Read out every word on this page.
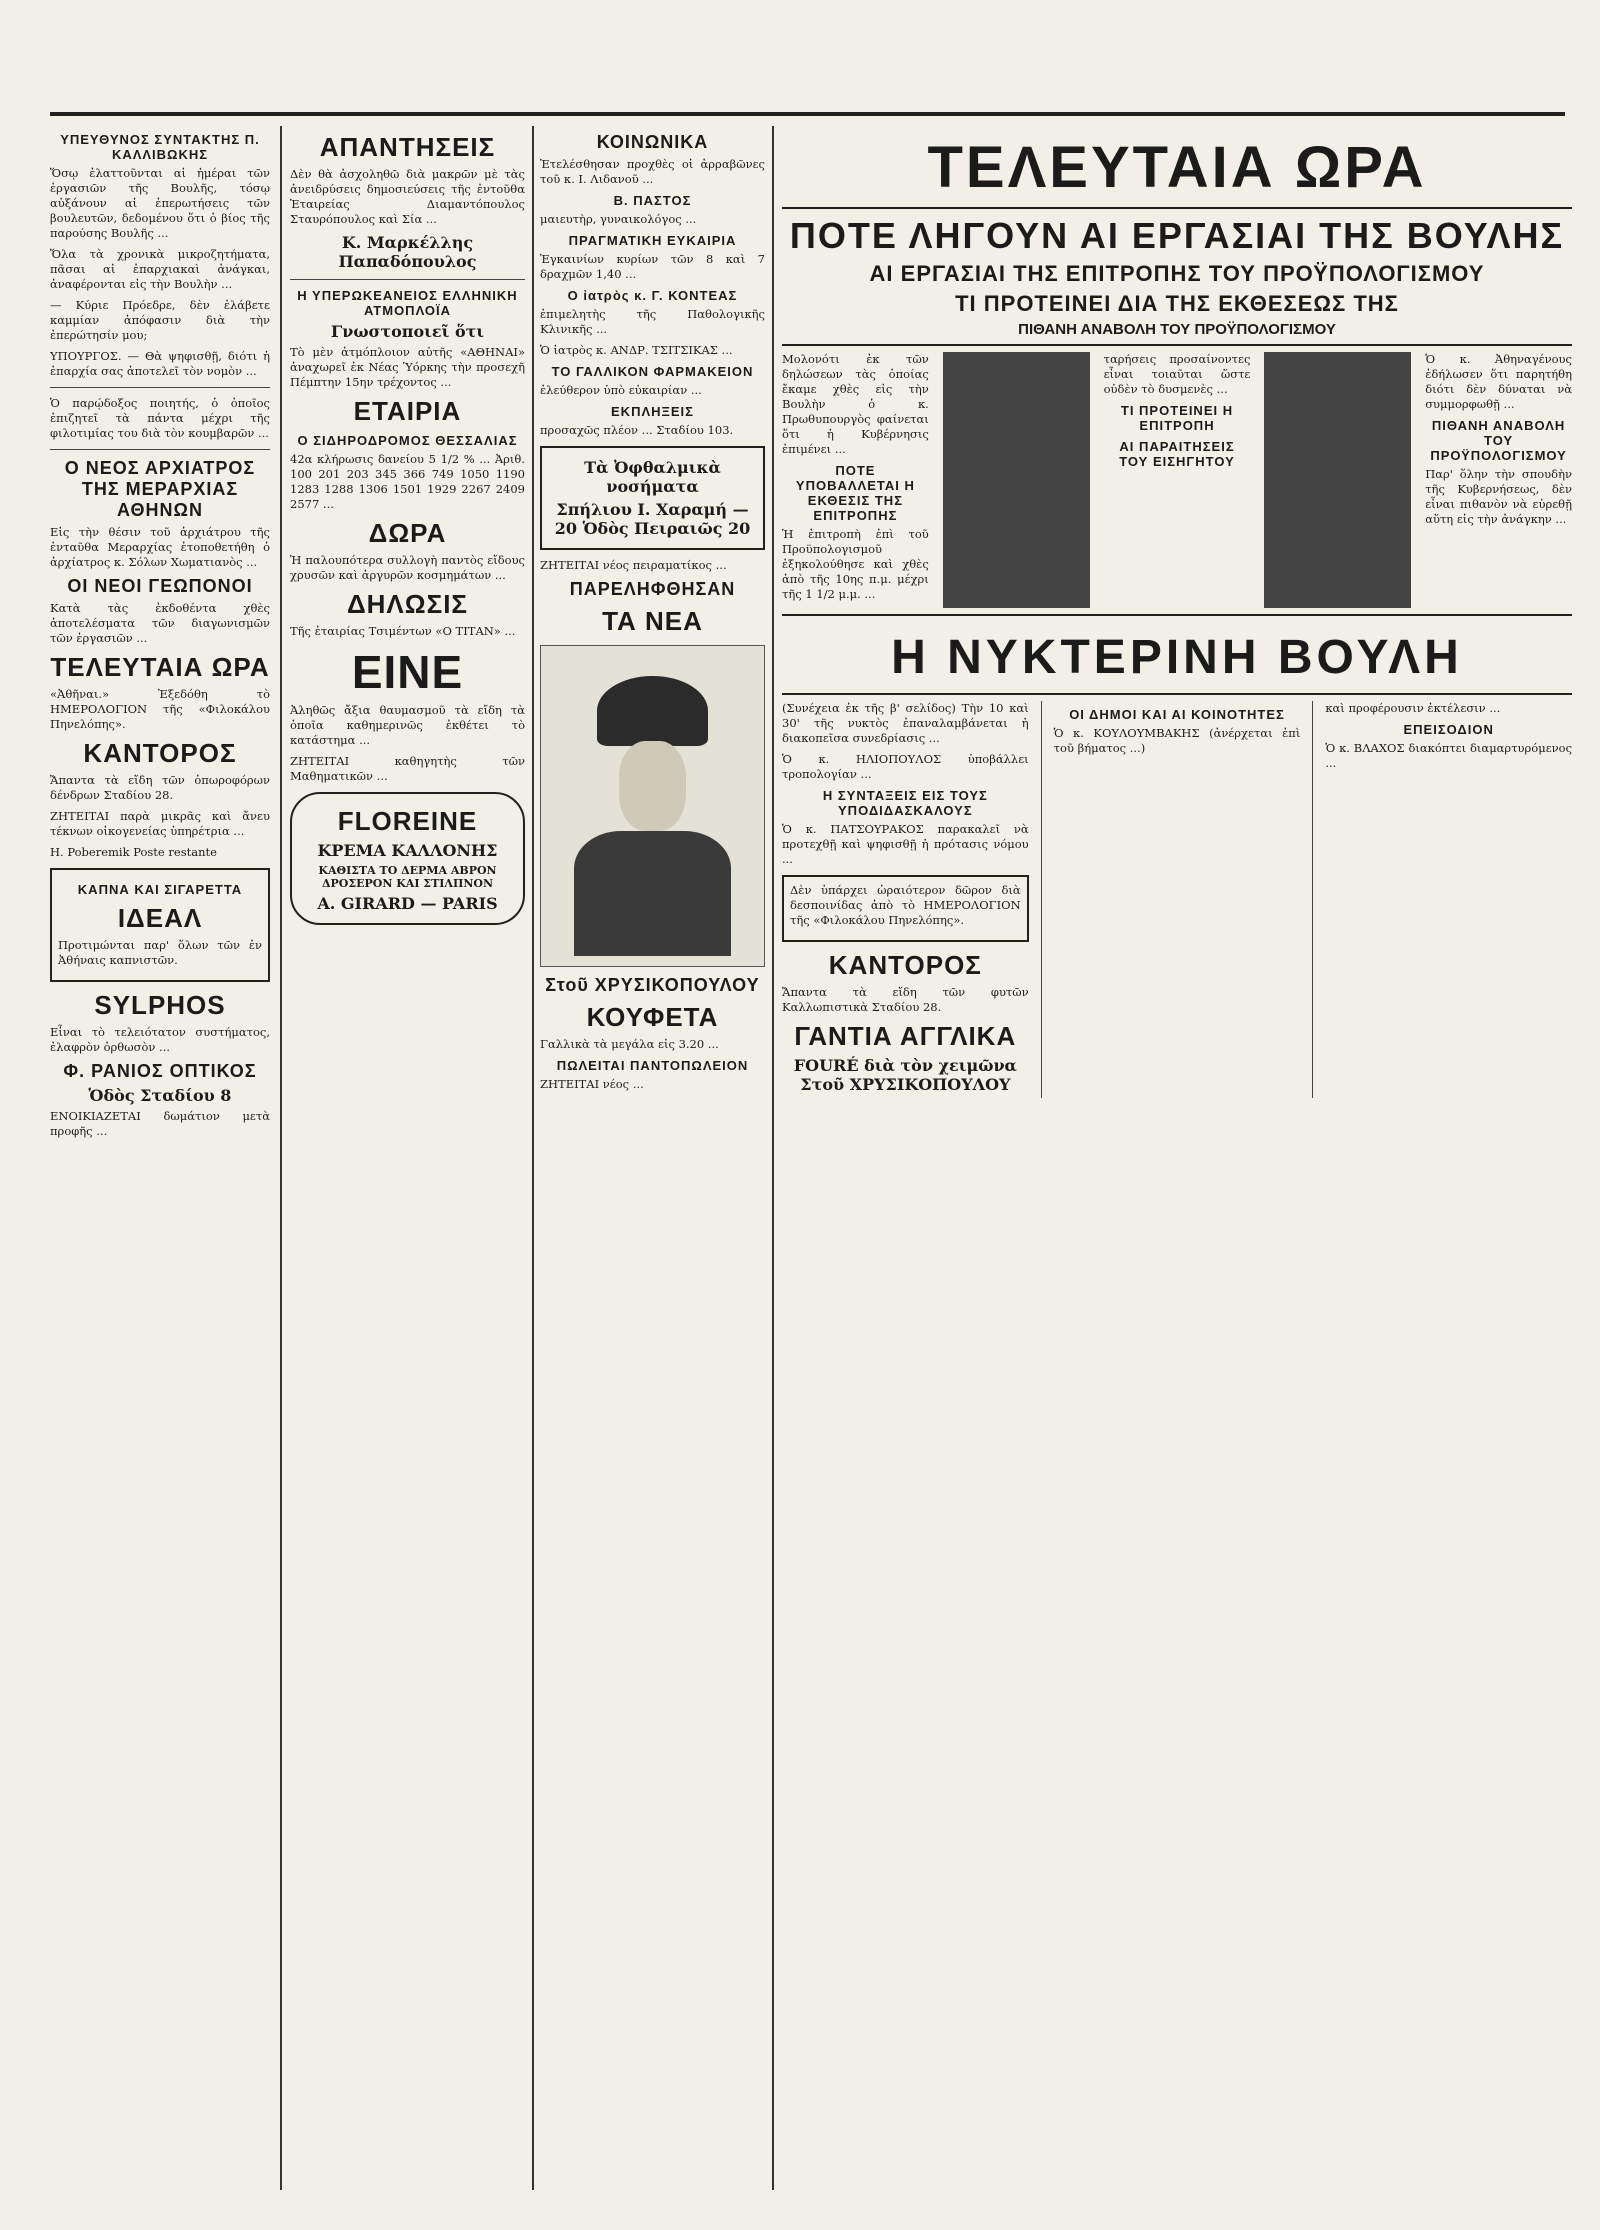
ΥΠΕΥΘΥΝΟΣ ΣΥΝΤΑΚΤΗΣ Π. ΚΑΛΛΙΒΩΚΗΣ

Ὅσῳ ἐλαττοῦνται αἱ ἡμέραι τῶν ἐργασιῶν τῆς Βουλῆς, τόσῳ αὐξάνουν αἱ ἐπερωτήσεις τῶν βουλευτῶν, δεδομένου ὅτι ὁ βίος τῆς παρούσης Βουλῆς ...

Ὅλα τὰ χρονικὰ μικροζητήματα, πᾶσαι αἱ ἐπαρχιακαὶ ἀνάγκαι, ἀναφέρονται εἰς τὴν Βουλὴν ...

— Κύριε Πρόεδρε, δὲν ἐλάβετε καμμίαν ἀπόφασιν διὰ τὴν ἐπερώτησίν μου;

ΥΠΟΥΡΓΟΣ. — Θὰ ψηφισθῇ, διότι ἡ ἐπαρχία σας ἀποτελεῖ τὸν νομὸν ...

Ὁ παρῴδοξος ποιητής, ὁ ὁποῖος ἐπιζητεῖ τὰ πάντα μέχρι τῆς φιλοτιμίας του διὰ τὸν κουμβαρῶν ...

Ο ΝΕΟΣ ΑΡΧΙΑΤΡΟΣ ΤΗΣ ΜΕΡΑΡΧΙΑΣ ΑΘΗΝΩΝ

Εἰς τὴν θέσιν τοῦ ἀρχιάτρου τῆς ἐνταῦθα Μεραρχίας ἐτοποθετήθη ὁ ἀρχίατρος κ. Σόλων Χωματιανὸς ...

ΟΙ ΝΕΟΙ ΓΕΩΠΟΝΟΙ

Κατὰ τὰς ἐκδοθέντα χθὲς ἀποτελέσματα τῶν διαγωνισμῶν τῶν ἐργασιῶν ...

ΤΕΛΕΥΤΑΙΑ ΩΡΑ

«Ἀθῆναι.» Ἐξεδόθη τὸ ΗΜΕΡΟΛΟΓΙΟΝ τῆς «Φιλοκάλου Πηνελόπης».

ΚΑΝΤΟΡΟΣ

Ἄπαντα τὰ εἴδη τῶν ὀπωροφόρων δένδρων Σταδίου 28.

ΖΗΤΕΙΤΑΙ παρὰ μικρᾶς καὶ ἄνευ τέκνων οἰκογενείας ὑπηρέτρια ...

Η. Poberemik Poste restante

ΚΑΠΝΑ ΚΑΙ ΣΙΓΑΡΕΤΤΑ
ΙΔΕΑΛ

Προτιμώνται παρ' ὅλων τῶν ἐν Ἀθήναις καπνιστῶν.

SYLPHOS

Εἶναι τὸ τελειότατον συστήματος, ἐλαφρὸν ὀρθωσὸν ...

Φ. ΡΑΝΙΟΣ ΟΠΤΙΚΟΣ
Ὁδὸς Σταδίου 8

ΕΝΟΙΚΙΑΖΕΤΑΙ δωμάτιον μετὰ προφῆς ...

ΑΠΑΝΤΗΣΕΙΣ

Δὲν θὰ ἀσχοληθῶ διὰ μακρῶν μὲ τὰς ἀνειδρύσεις δημοσιεύσεις τῆς ἐντοῦθα Ἑταιρείας Διαμαντόπουλος Σταυρόπουλος καὶ Σία ...

Κ. Μαρκέλλης Παπαδόπουλος
Η ΥΠΕΡΩΚΕΑΝΕΙΟΣ ΕΛΛΗΝΙΚΗ ΑΤΜΟΠΛΟΪΑ
Γνωστοποιεῖ ὅτι

Τὸ μὲν ἀτμόπλοιον αὐτῆς «ΑΘΗΝΑΙ» ἀναχωρεῖ ἐκ Νέας Ὑόρκης τὴν προσεχῆ Πέμπτην 15ην τρέχοντος ...

ΕΤΑΙΡΙΑ
Ο ΣΙΔΗΡΟΔΡΟΜΟΣ ΘΕΣΣΑΛΙΑΣ

42α κλήρωσις δανείου 5 1/2 % ... Ἀριθ. 100 201 203 345 366 749 1050 1190 1283 1288 1306 1501 1929 2267 2409 2577 ...

ΔΩΡΑ

Ἡ παλουπότερα συλλογὴ παντὸς εἴδους χρυσῶν καὶ ἀργυρῶν κοσμημάτων ...

ΔΗΛΩΣΙΣ

Τῆς ἐταιρίας Τσιμέντων «Ο ΤΙΤΑΝ» ...

ΕΙΝΕ

Ἀληθῶς ἄξια θαυμασμοῦ τὰ εἴδη τὰ ὁποῖα καθημερινῶς ἐκθέτει τὸ κατάστημα ...

ΖΗΤΕΙΤΑΙ καθηγητὴς τῶν Μαθηματικῶν ...

FLOREINE
ΚΡΕΜΑ ΚΑΛΛΟΝΗΣ
ΚΑΘΙΣΤΑ ΤΟ ΔΕΡΜΑ ΑΒΡΟΝ ΔΡΟΣΕΡΟΝ ΚΑΙ ΣΤΙΛΠΝΟΝ
A. GIRARD — PARIS
ΚΟΙΝΩΝΙΚΑ

Ἐτελέσθησαν προχθὲς οἱ ἀρραβῶνες τοῦ κ. Ι. Λιδανοῦ ...

Β. ΠΑΣΤΟΣ

μαιευτὴρ, γυναικολόγος ...

ΠΡΑΓΜΑΤΙΚΗ ΕΥΚΑΙΡΙΑ

Ἐγκαινίων κυρίων τῶν 8 καὶ 7 δραχμῶν 1,40 ...

Ο ἰατρὸς κ. Γ. ΚΟΝΤΕΑΣ

ἐπιμελητὴς τῆς Παθολογικῆς Κλινικῆς ...

Ὁ ἰατρὸς κ. ΑΝΔΡ. ΤΣΙΤΣΙΚΑΣ ...

ΤΟ ΓΑΛΛΙΚΟΝ ΦΑΡΜΑΚΕΙΟΝ

ἐλεύθερον ὑπὸ εὐκαιρίαν ...

ΕΚΠΛΗΞΕΙΣ

προσαχῶς πλέον ... Σταδίου 103.

Τὰ Ὀφθαλμικὰ νοσήματα
Σπήλιου Ι. Χαραμή — 20 Ὁδὸς Πειραιῶς 20

ΖΗΤΕΙΤΑΙ νέος πειραματίκος ...

ΠΑΡΕΛΗΦΘΗΣΑΝ
ΤΑ ΝΕΑ
Στοῦ ΧΡΥΣΙΚΟΠΟΥΛΟΥ
ΚΟΥΦΕΤΑ

Γαλλικὰ τὰ μεγάλα εἰς 3.20 ...

ΠΩΛΕΙΤΑΙ ΠΑΝΤΟΠΩΛΕΙΟΝ

ΖΗΤΕΙΤΑΙ νέος ...

ΤΕΛΕΥΤΑΙΑ ΩΡΑ
ΠΟΤΕ ΛΗΓΟΥΝ ΑΙ ΕΡΓΑΣΙΑΙ ΤΗΣ ΒΟΥΛΗΣ
ΑΙ ΕΡΓΑΣΙΑΙ ΤΗΣ ΕΠΙΤΡΟΠΗΣ ΤΟΥ ΠΡΟΫΠΟΛΟΓΙΣΜΟΥ
ΤΙ ΠΡΟΤΕΙΝΕΙ ΔΙΑ ΤΗΣ ΕΚΘΕΣΕΩΣ ΤΗΣ
ΠΙΘΑΝΗ ΑΝΑΒΟΛΗ ΤΟΥ ΠΡΟΫΠΟΛΟΓΙΣΜΟΥ

Μολονότι ἐκ τῶν δηλώσεων τὰς ὁποίας ἔκαμε χθὲς εἰς τὴν Βουλὴν ὁ κ. Πρωθυπουργὸς φαίνεται ὅτι ἡ Κυβέρνησις ἐπιμένει ...

ΠΟΤΕ ΥΠΟΒΑΛΛΕΤΑΙ Η ΕΚΘΕΣΙΣ ΤΗΣ ΕΠΙΤΡΟΠΗΣ

Ἡ ἐπιτροπὴ ἐπὶ τοῦ Προϋπολογισμοῦ ἐξηκολούθησε καὶ χθὲς ἀπὸ τῆς 10ης π.μ. μέχρι τῆς 1 1/2 μ.μ. ...

ταρήσεις προσαίνοντες εἶναι τοιαῦται ὥστε οὐδὲν τὸ δυσμενὲς ...

ΤΙ ΠΡΟΤΕΙΝΕΙ Η ΕΠΙΤΡΟΠΗ
ΑΙ ΠΑΡΑΙΤΗΣΕΙΣ ΤΟΥ ΕΙΣΗΓΗΤΟΥ

Ὁ κ. Ἀθηναγένους ἐδήλωσεν ὅτι παρητήθη διότι δὲν δύναται νὰ συμμορφωθῇ ...

ΠΙΘΑΝΗ ΑΝΑΒΟΛΗ ΤΟΥ ΠΡΟΫΠΟΛΟΓΙΣΜΟΥ

Παρ' ὅλην τὴν σπουδὴν τῆς Κυβερνήσεως, δὲν εἶναι πιθανὸν νὰ εὑρεθῇ αὕτη εἰς τὴν ἀνάγκην ...

Η ΝΥΚΤΕΡΙΝΗ ΒΟΥΛΗ

(Συνέχεια ἐκ τῆς β' σελίδος) Τὴν 10 καὶ 30' τῆς νυκτὸς ἐπαναλαμβάνεται ἡ διακοπεῖσα συνεδρίασις ...

Ὁ κ. ΗΛΙΟΠΟΥΛΟΣ ὑποβάλλει τροπολογίαν ...

Η ΣΥΝΤΑΞΕΙΣ ΕΙΣ ΤΟΥΣ ΥΠΟΔΙΔΑΣΚΑΛΟΥΣ

Ὁ κ. ΠΑΤΣΟΥΡΑΚΟΣ παρακαλεῖ νὰ προτεχθῇ καὶ ψηφισθῇ ἡ πρότασις νόμου ...

Δὲν ὑπάρχει ὡραιότερον δῶρον διὰ δεσποινίδας ἀπὸ τὸ ΗΜΕΡΟΛΟΓΙΟΝ τῆς «Φιλοκάλου Πηνελόπης».

ΚΑΝΤΟΡΟΣ

Ἄπαντα τὰ εἴδη τῶν φυτῶν Καλλωπιστικὰ Σταδίου 28.

ΓΑΝΤΙΑ ΑΓΓΛΙΚΑ
FOURÉ διὰ τὸν χειμῶνα Στοῦ ΧΡΥΣΙΚΟΠΟΥΛΟΥ
ΟΙ ΔΗΜΟΙ ΚΑΙ ΑΙ ΚΟΙΝΟΤΗΤΕΣ

Ὁ κ. ΚΟΥΛΟΥΜΒΑΚΗΣ (ἀνέρχεται ἐπὶ τοῦ βήματος ...)

καὶ προφέρουσιν ἐκτέλεσιν ...

ΕΠΕΙΣΟΔΙΟΝ

Ὁ κ. ΒΛΑΧΟΣ διακόπτει διαμαρτυρόμενος ...
